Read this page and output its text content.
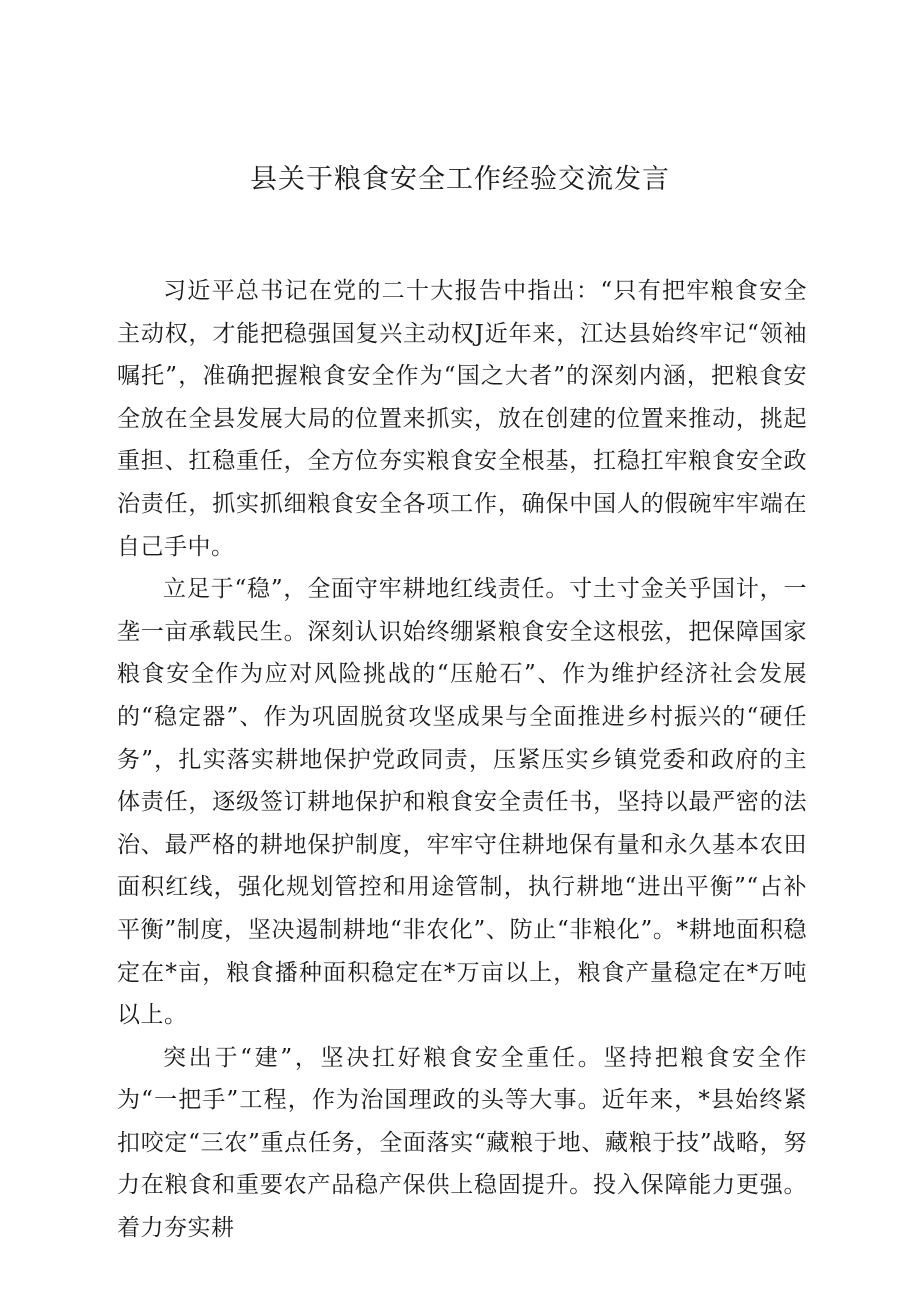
县关于粮食安全工作经验交流发言

习近平总书记在党的二十大报告中指出：“只有把牢粮食安全主动权，才能把稳强国复兴主动权J近年来，江达县始终牢记“领袖嘱托”，准确把握粮食安全作为“国之大者”的深刻内涵，把粮食安全放在全县发展大局的位置来抓实，放在创建的位置来推动，挑起重担、扛稳重任，全方位夯实粮食安全根基，扛稳扛牢粮食安全政治责任，抓实抓细粮食安全各项工作，确保中国人的假碗牢牢端在自己手中。

立足于“稳”，全面守牢耕地红线责任。寸土寸金关乎国计，一垄一亩承载民生。深刻认识始终绷紧粮食安全这根弦，把保障国家粮食安全作为应对风险挑战的“压舱石”、作为维护经济社会发展的“稳定器”、作为巩固脱贫攻坚成果与全面推进乡村振兴的“硬任务”，扎实落实耕地保护党政同责，压紧压实乡镇党委和政府的主体责任，逐级签订耕地保护和粮食安全责任书，坚持以最严密的法治、最严格的耕地保护制度，牢牢守住耕地保有量和永久基本农田面积红线，强化规划管控和用途管制，执行耕地“进出平衡”“占补平衡”制度，坚决遏制耕地“非农化”、防止“非粮化”。*耕地面积稳定在*亩，粮食播种面积稳定在*万亩以上，粮食产量稳定在*万吨以上。

突出于“建”，坚决扛好粮食安全重任。坚持把粮食安全作为“一把手”工程，作为治国理政的头等大事。近年来，*县始终紧扣咬定“三农”重点任务，全面落实“藏粮于地、藏粮于技”战略，努力在粮食和重要农产品稳产保供上稳固提升。投入保障能力更强。着力夯实耕
